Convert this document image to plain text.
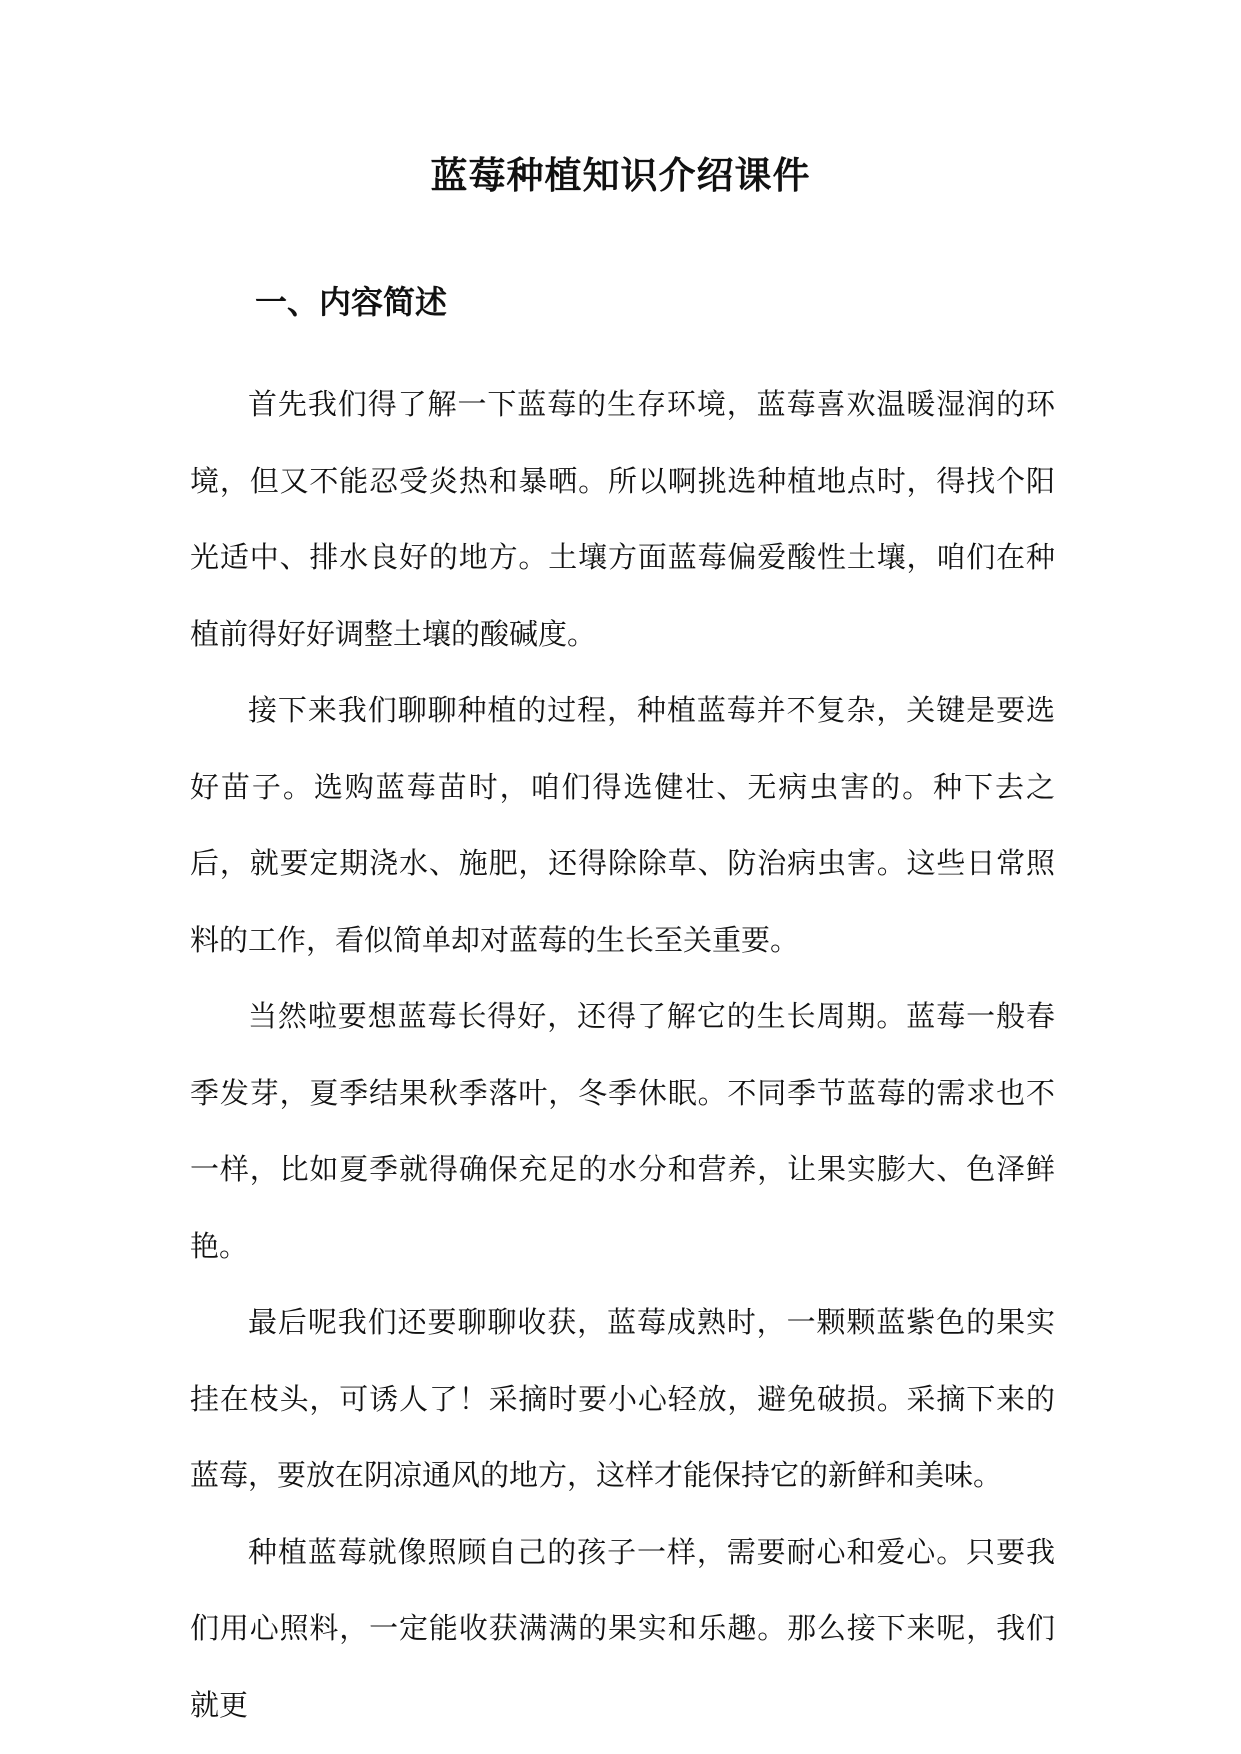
蓝莓种植知识介绍课件
一、内容简述

首先我们得了解一下蓝莓的生存环境，蓝莓喜欢温暖湿润的环境，但又不能忍受炎热和暴晒。所以啊挑选种植地点时，得找个阳光适中、排水良好的地方。土壤方面蓝莓偏爱酸性土壤，咱们在种植前得好好调整土壤的酸碱度。

接下来我们聊聊种植的过程，种植蓝莓并不复杂，关键是要选好苗子。选购蓝莓苗时，咱们得选健壮、无病虫害的。种下去之后，就要定期浇水、施肥，还得除除草、防治病虫害。这些日常照料的工作，看似简单却对蓝莓的生长至关重要。

当然啦要想蓝莓长得好，还得了解它的生长周期。蓝莓一般春季发芽，夏季结果秋季落叶，冬季休眠。不同季节蓝莓的需求也不一样，比如夏季就得确保充足的水分和营养，让果实膨大、色泽鲜艳。

最后呢我们还要聊聊收获，蓝莓成熟时，一颗颗蓝紫色的果实挂在枝头，可诱人了！采摘时要小心轻放，避免破损。采摘下来的蓝莓，要放在阴凉通风的地方，这样才能保持它的新鲜和美味。

种植蓝莓就像照顾自己的孩子一样，需要耐心和爱心。只要我们用心照料，一定能收获满满的果实和乐趣。那么接下来呢，我们就更
